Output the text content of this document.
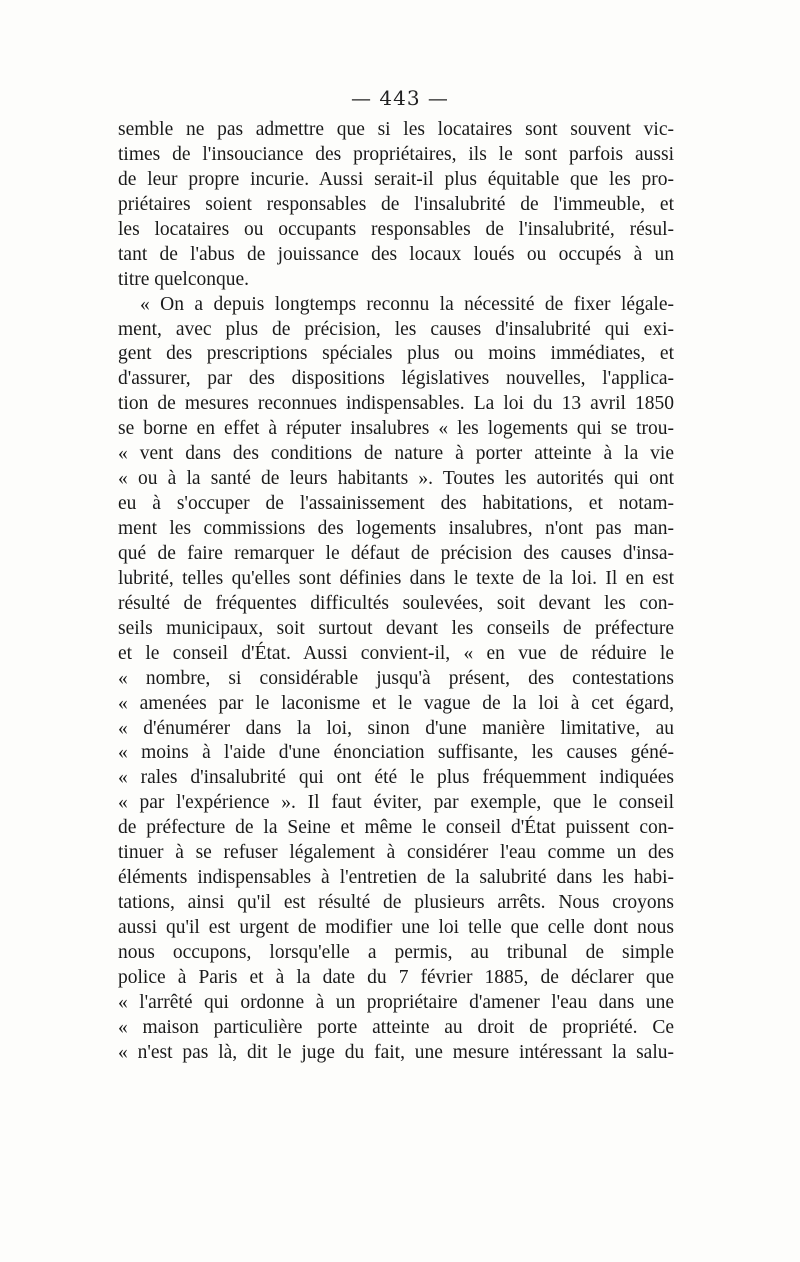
— 443 —
semble ne pas admettre que si les locataires sont souvent vic-
times de l'insouciance des propriétaires, ils le sont parfois aussi
de leur propre incurie. Aussi serait-il plus équitable que les pro-
priétaires soient responsables de l'insalubrité de l'immeuble, et
les locataires ou occupants responsables de l'insalubrité, résul-
tant de l'abus de jouissance des locaux loués ou occupés à un
titre quelconque.
« On a depuis longtemps reconnu la nécessité de fixer légale-
ment, avec plus de précision, les causes d'insalubrité qui exi-
gent des prescriptions spéciales plus ou moins immédiates, et
d'assurer, par des dispositions législatives nouvelles, l'applica-
tion de mesures reconnues indispensables. La loi du 13 avril 1850
se borne en effet à réputer insalubres « les logements qui se trou-
« vent dans des conditions de nature à porter atteinte à la vie
« ou à la santé de leurs habitants ». Toutes les autorités qui ont
eu à s'occuper de l'assainissement des habitations, et notam-
ment les commissions des logements insalubres, n'ont pas man-
qué de faire remarquer le défaut de précision des causes d'insa-
lubrité, telles qu'elles sont définies dans le texte de la loi. Il en est
résulté de fréquentes difficultés soulevées, soit devant les con-
seils municipaux, soit surtout devant les conseils de préfecture
et le conseil d'État. Aussi convient-il, « en vue de réduire le
« nombre, si considérable jusqu'à présent, des contestations
« amenées par le laconisme et le vague de la loi à cet égard,
« d'énumérer dans la loi, sinon d'une manière limitative, au
« moins à l'aide d'une énonciation suffisante, les causes géné-
« rales d'insalubrité qui ont été le plus fréquemment indiquées
« par l'expérience ». Il faut éviter, par exemple, que le conseil
de préfecture de la Seine et même le conseil d'État puissent con-
tinuer à se refuser légalement à considérer l'eau comme un des
éléments indispensables à l'entretien de la salubrité dans les habi-
tations, ainsi qu'il est résulté de plusieurs arrêts. Nous croyons
aussi qu'il est urgent de modifier une loi telle que celle dont nous
nous occupons, lorsqu'elle a permis, au tribunal de simple
police à Paris et à la date du 7 février 1885, de déclarer que
« l'arrêté qui ordonne à un propriétaire d'amener l'eau dans une
« maison particulière porte atteinte au droit de propriété. Ce
« n'est pas là, dit le juge du fait, une mesure intéressant la salu-
